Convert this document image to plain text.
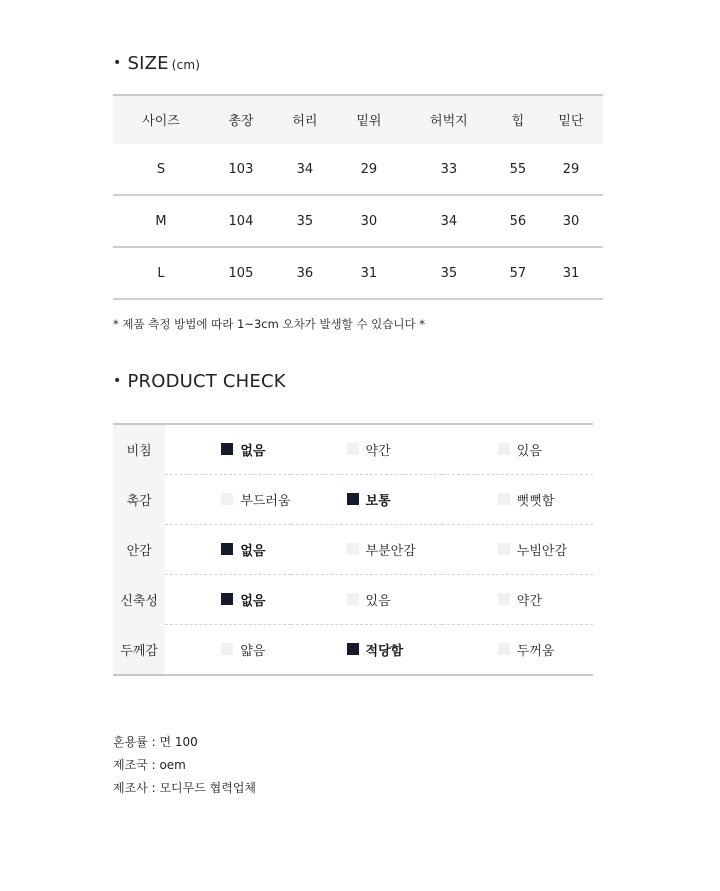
• SIZE (cm)
사이즈	총장	허리	밑위	허벅지	힙	밑단
S	103	34	29	33	55	29
M	104	35	30	34	56	30
L	105	36	31	35	57	31
* 제품 측정 방법에 따라 1~3cm 오차가 발생할 수 있습니다 *
• PRODUCT CHECK
비침	없음	약간	있음

촉감	부드러움	보통	뻣뻣함

안감	없음	부분안감	누빔안감

신축성	없음	있음	약간

두께감	얇음	적당함	두꺼움
혼용률 : 면 100
제조국 : oem
제조사 : 모디무드 협력업체
